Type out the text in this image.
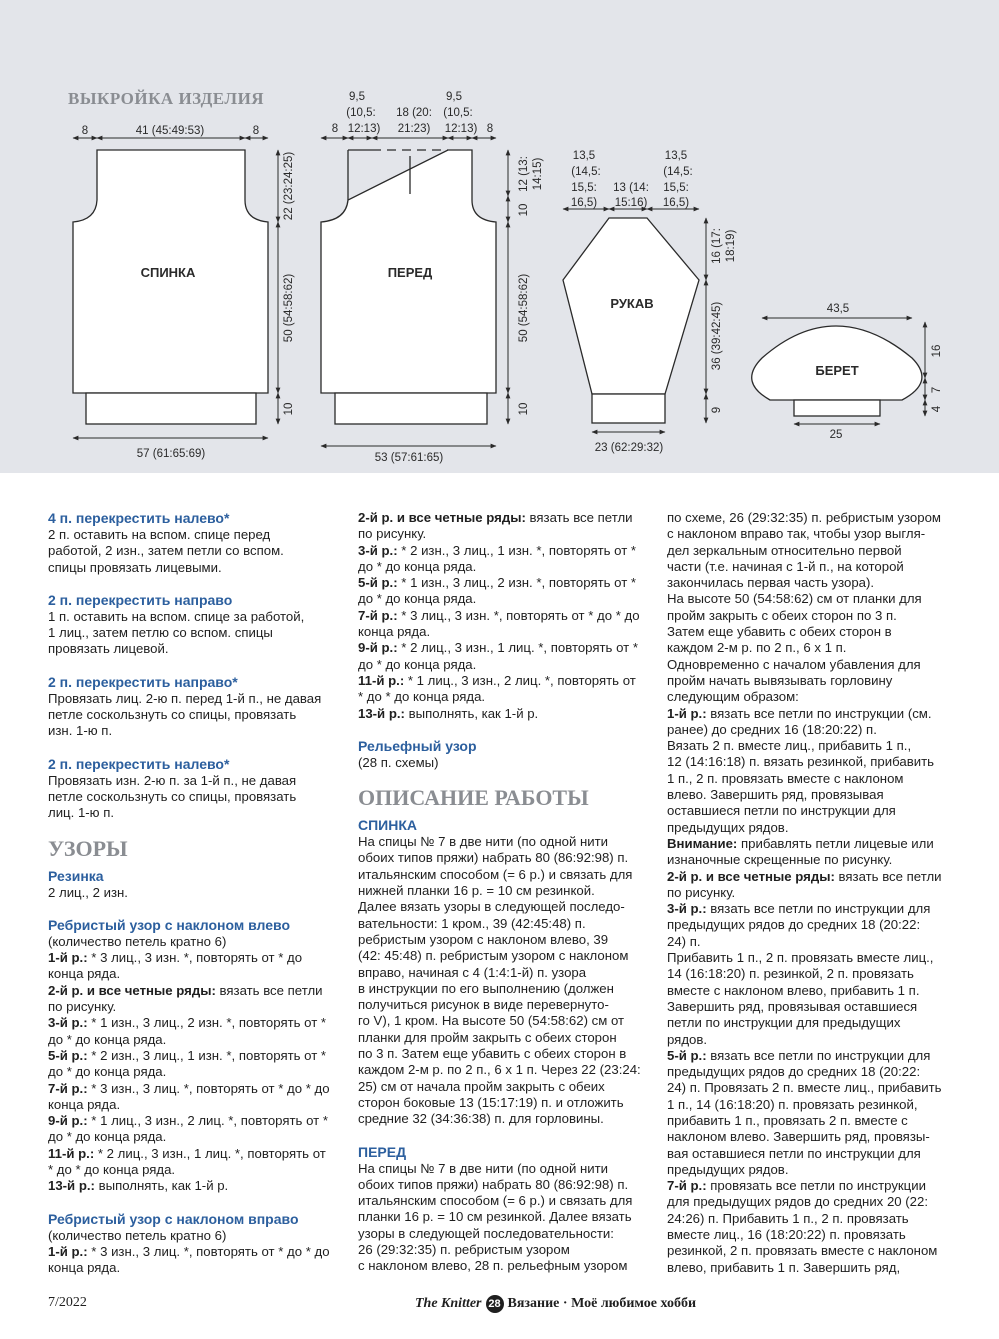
ВЫКРОЙКА ИЗДЕЛИЯ
СПИНКА	ПЕРЕД
РУКАВ
БЕРЕТ
8	41 (45:49:53)	8
57 (61:65:69)
22 (23:24:25)
50 (54:58:62)
10
9,5
(10,5:
12:13)
8
18 (20:
21:23)
9,5
(10,5:
12:13) 8
53 (57:61:65)
12 (13: 14:15)
10
50 (54:58:62)
10
13,5
(14,5:
15,5:
16,5)
13 (14:
15:16)
13,5
(14,5:
15,5:
16,5)
23 (62:29:32)
16 (17: 18:19)
36 (39:42:45)
9
43,5
25
16
7
4

4 п. перекрестить налево*

2 п. оставить на вспом. спице перед

работой, 2 изн., затем петли со вспом.

спицы провязать лицевыми.

2 п. перекрестить направо

1 п. оставить на вспом. спице за работой,

1 лиц., затем петлю со вспом. спицы

провязать лицевой.

2 п. перекрестить направо*

Провязать лиц. 2-ю п. перед 1-й п., не давая

петле соскользнуть со спицы, провязать

изн. 1-ю п.

2 п. перекрестить налево*

Провязать изн. 2-ю п. за 1-й п., не давая

петле соскользнуть со спицы, провязать

лиц. 1-ю п.

УЗОРЫ

Резинка

2 лиц., 2 изн.

Ребристый узор с наклоном влево

(количество петель кратно 6)

1-й р.: * 3 лиц., 3 изн. *, повторять от * до

конца ряда.

2-й р. и все четные ряды: вязать все петли

по рисунку.

3-й р.: * 1 изн., 3 лиц., 2 изн. *, повторять от *

до * до конца ряда.

5-й р.: * 2 изн., 3 лиц., 1 изн. *, повторять от *

до * до конца ряда.

7-й р.: * 3 изн., 3 лиц. *, повторять от * до * до

конца ряда.

9-й р.: * 1 лиц., 3 изн., 2 лиц. *, повторять от *

до * до конца ряда.

11-й р.: * 2 лиц., 3 изн., 1 лиц. *, повторять от

* до * до конца ряда.

13-й р.: выполнять, как 1-й р.

Ребристый узор с наклоном вправо

(количество петель кратно 6)

1-й р.: * 3 изн., 3 лиц. *, повторять от * до * до

конца ряда.

2-й р. и все четные ряды: вязать все петли

по рисунку.

3-й р.: * 2 изн., 3 лиц., 1 изн. *, повторять от *

до * до конца ряда.

5-й р.: * 1 изн., 3 лиц., 2 изн. *, повторять от *

до * до конца ряда.

7-й р.: * 3 лиц., 3 изн. *, повторять от * до * до

конца ряда.

9-й р.: * 2 лиц., 3 изн., 1 лиц. *, повторять от *

до * до конца ряда.

11-й р.: * 1 лиц., 3 изн., 2 лиц. *, повторять от

* до * до конца ряда.

13-й р.: выполнять, как 1-й р.

Рельефный узор

(28 п. схемы)

ОПИСАНИЕ РАБОТЫ

СПИНКА

На спицы № 7 в две нити (по одной нити

обоих типов пряжи) набрать 80 (86:92:98) п.

итальянским способом (= 6 р.) и связать для

нижней планки 16 р. = 10 см резинкой.

Далее вязать узоры в следующей последо-

вательности: 1 кром., 39 (42:45:48) п.

ребристым узором с наклоном влево, 39

(42: 45:48) п. ребристым узором с наклоном

вправо, начиная с 4 (1:4:1-й) п. узора

в инструкции по его выполнению (должен

получиться рисунок в виде перевернуто-

го V), 1 кром. На высоте 50 (54:58:62) см от

планки для пройм закрыть с обеих сторон

по 3 п. Затем еще убавить с обеих сторон в

каждом 2-м р. по 2 п., 6 х 1 п. Через 22 (23:24:

25) см от начала пройм закрыть с обеих

сторон боковые 13 (15:17:19) п. и отложить

средние 32 (34:36:38) п. для горловины.

ПЕРЕД

На спицы № 7 в две нити (по одной нити

обоих типов пряжи) набрать 80 (86:92:98) п.

итальянским способом (= 6 р.) и связать для

планки 16 р. = 10 см резинкой. Далее вязать

узоры в следующей последовательности:

26 (29:32:35) п. ребристым узором

с наклоном влево, 28 п. рельефным узором

по схеме, 26 (29:32:35) п. ребристым узором

с наклоном вправо так, чтобы узор выгля-

дел зеркальным относительно первой

части (т.е. начиная с 1-й п., на которой

закончилась первая часть узора).

На высоте 50 (54:58:62) см от планки для

пройм закрыть с обеих сторон по 3 п.

Затем еще убавить с обеих сторон в

каждом 2-м р. по 2 п., 6 х 1 п.

Одновременно с началом убавления для

пройм начать вывязывать горловину

следующим образом:

1-й р.: вязать все петли по инструкции (см.

ранее) до средних 16 (18:20:22) п.

Вязать 2 п. вместе лиц., прибавить 1 п.,

12 (14:16:18) п. вязать резинкой, прибавить

1 п., 2 п. провязать вместе с наклоном

влево. Завершить ряд, провязывая

оставшиеся петли по инструкции для

предыдущих рядов.

Внимание: прибавлять петли лицевые или

изнаночные скрещенные по рисунку.

2-й р. и все четные ряды: вязать все петли

по рисунку.

3-й р.: вязать все петли по инструкции для

предыдущих рядов до средних 18 (20:22:

24) п.

Прибавить 1 п., 2 п. провязать вместе лиц.,

14 (16:18:20) п. резинкой, 2 п. провязать

вместе с наклоном влево, прибавить 1 п.

Завершить ряд, провязывая оставшиеся

петли по инструкции для предыдущих

рядов.

5-й р.: вязать все петли по инструкции для

предыдущих рядов до средних 18 (20:22:

24) п. Провязать 2 п. вместе лиц., прибавить

1 п., 14 (16:18:20) п. провязать резинкой,

прибавить 1 п., провязать 2 п. вместе с

наклоном влево. Завершить ряд, провязы-

вая оставшиеся петли по инструкции для

предыдущих рядов.

7-й р.: провязать все петли по инструкции

для предыдущих рядов до средних 20 (22:

24:26) п. Прибавить 1 п., 2 п. провязать

вместе лиц., 16 (18:20:22) п. провязать

резинкой, 2 п. провязать вместе с наклоном

влево, прибавить 1 п. Завершить ряд,

7/2022	The Knitter 28 Вязание · Моё любимое хобби
